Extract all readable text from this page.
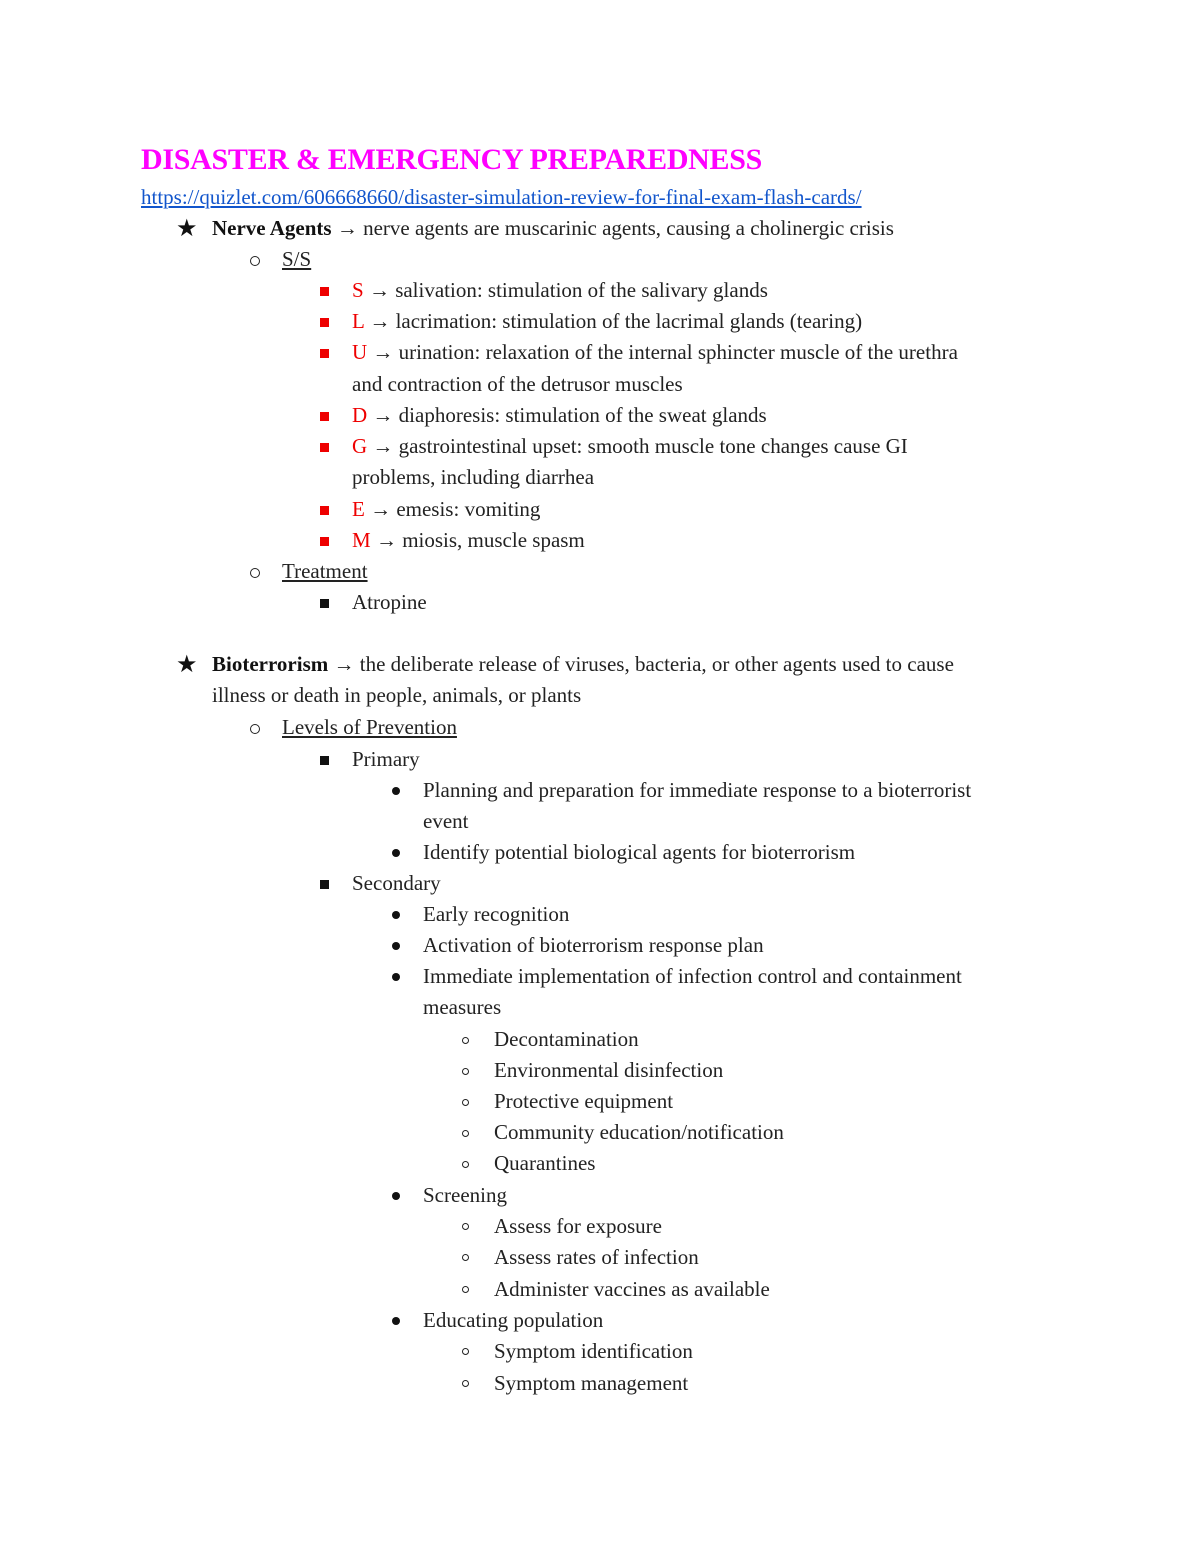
DISASTER & EMERGENCY PREPAREDNESS
https://quizlet.com/606668660/disaster-simulation-review-for-final-exam-flash-cards/
★ Nerve Agents → nerve agents are muscarinic agents, causing a cholinergic crisis
S/S
S → salivation: stimulation of the salivary glands
L → lacrimation: stimulation of the lacrimal glands (tearing)
U → urination: relaxation of the internal sphincter muscle of the urethra
and contraction of the detrusor muscles
D → diaphoresis: stimulation of the sweat glands
G → gastrointestinal upset: smooth muscle tone changes cause GI
problems, including diarrhea
E → emesis: vomiting
M → miosis, muscle spasm
Treatment
Atropine
★ Bioterrorism → the deliberate release of viruses, bacteria, or other agents used to cause
illness or death in people, animals, or plants
Levels of Prevention
Primary
Planning and preparation for immediate response to a bioterrorist
event
Identify potential biological agents for bioterrorism
Secondary
Early recognition
Activation of bioterrorism response plan
Immediate implementation of infection control and containment
measures
Decontamination
Environmental disinfection
Protective equipment
Community education/notification
Quarantines
Screening
Assess for exposure
Assess rates of infection
Administer vaccines as available
Educating population
Symptom identification
Symptom management
